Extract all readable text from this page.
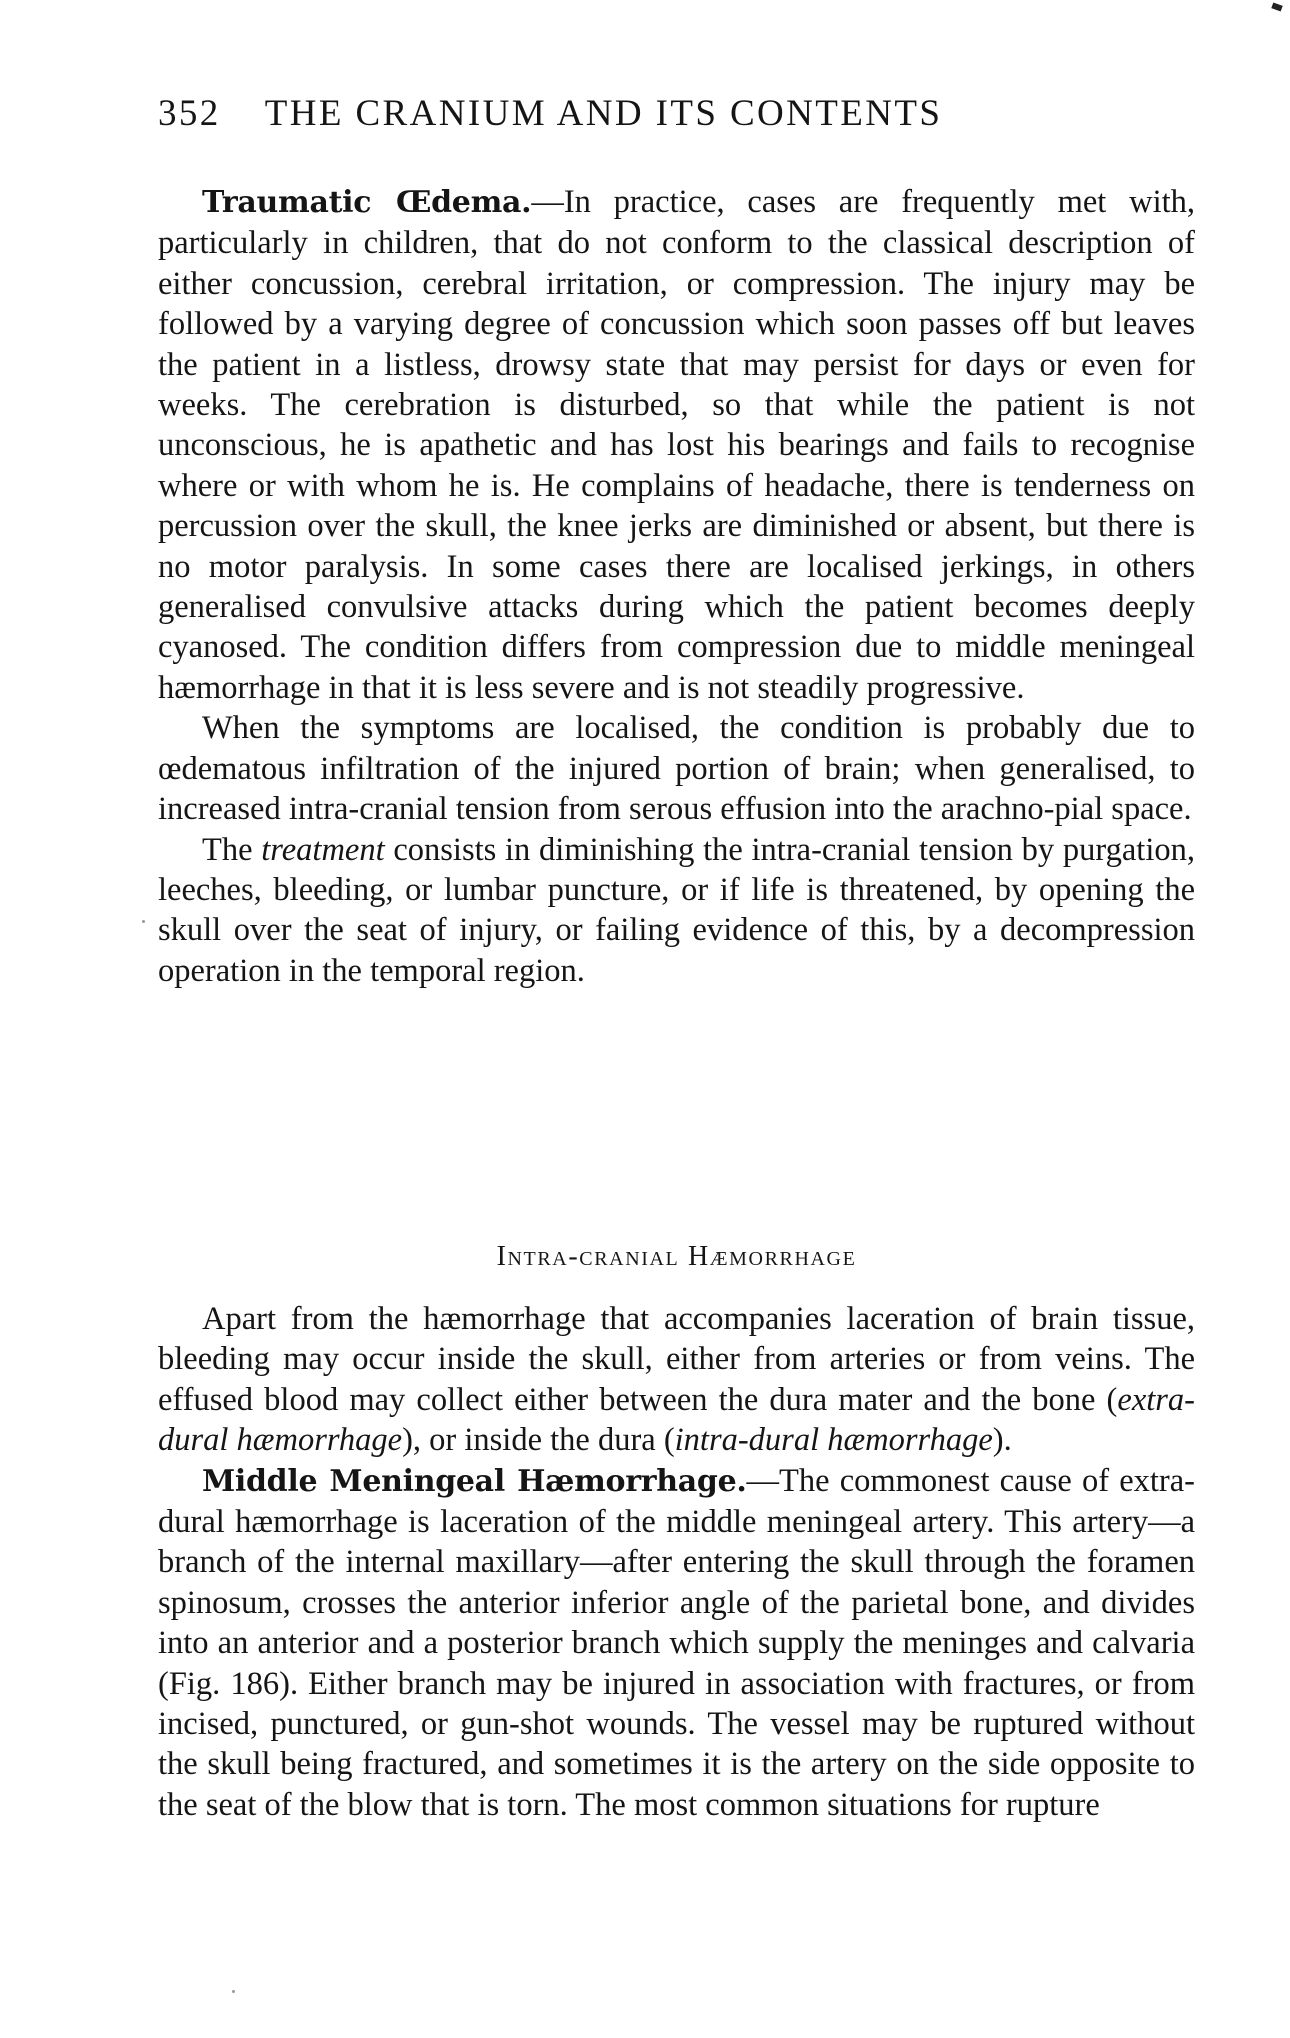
352 THE CRANIUM AND ITS CONTENTS

Traumatic Œdema.—In practice, cases are frequently met with, particularly in children, that do not conform to the classical description of either concussion, cerebral irritation, or compression. The injury may be followed by a varying degree of concussion which soon passes off but leaves the patient in a listless, drowsy state that may persist for days or even for weeks. The cerebration is disturbed, so that while the patient is not unconscious, he is apathetic and has lost his bearings and fails to recognise where or with whom he is. He complains of headache, there is tenderness on percussion over the skull, the knee jerks are diminished or absent, but there is no motor paralysis. In some cases there are localised jerkings, in others generalised convulsive attacks during which the patient becomes deeply cyanosed. The condition differs from compression due to middle meningeal hæmorrhage in that it is less severe and is not steadily progressive.

When the symptoms are localised, the condition is probably due to œdematous infiltration of the injured portion of brain; when generalised, to increased intra-cranial tension from serous effusion into the arachno-pial space.

The treatment consists in diminishing the intra-cranial tension by purgation, leeches, bleeding, or lumbar puncture, or if life is threatened, by opening the skull over the seat of injury, or failing evidence of this, by a decompression operation in the temporal region.

Intra-cranial Hæmorrhage

Apart from the hæmorrhage that accompanies laceration of brain tissue, bleeding may occur inside the skull, either from arteries or from veins. The effused blood may collect either between the dura mater and the bone (extra-dural hæmorrhage), or inside the dura (intra-dural hæmorrhage).

Middle Meningeal Hæmorrhage.—The commonest cause of extra-dural hæmorrhage is laceration of the middle meningeal artery. This artery—a branch of the internal maxillary—after entering the skull through the foramen spinosum, crosses the anterior inferior angle of the parietal bone, and divides into an anterior and a posterior branch which supply the meninges and calvaria (Fig. 186). Either branch may be injured in association with fractures, or from incised, punctured, or gun-shot wounds. The vessel may be ruptured without the skull being fractured, and sometimes it is the artery on the side opposite to the seat of the blow that is torn. The most common situations for rupture
